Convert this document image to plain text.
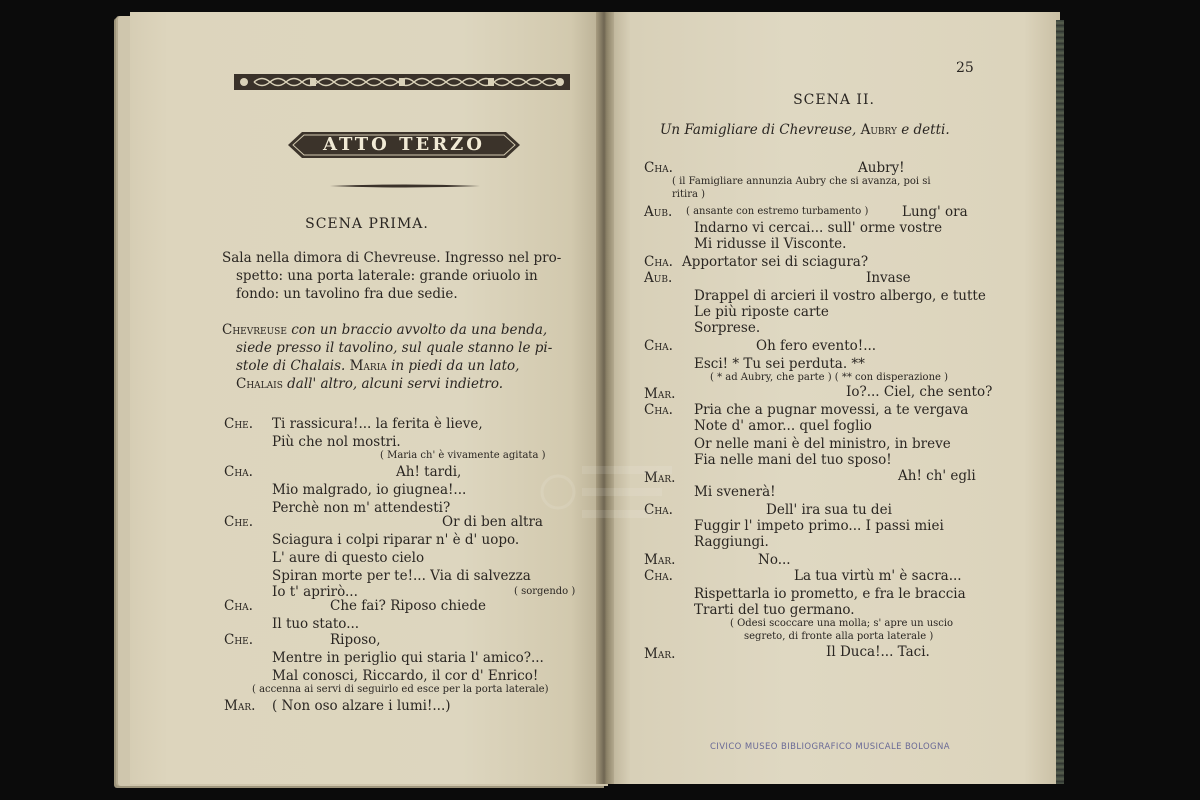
ATTO TERZO
SCENA PRIMA.
Sala nella dimora di Chevreuse. Ingresso nel pro-
spetto: una porta laterale: grande oriuolo in
fondo: un tavolino fra due sedie.
Chevreuse con un braccio avvolto da una benda,
siede presso il tavolino, sul quale stanno le pi-
stole di Chalais. Maria in piedi da un lato,
Chalais dall' altro, alcuni servi indietro.
Che. Ti rassicura!... la ferita è lieve,
Più che nol mostri.
( Maria ch' è vivamente agitata )
Cha.	Ah! tardi,
Mio malgrado, io giugnea!...
Perchè non m' attendesti?
Che.	Or di ben altra
Sciagura i colpi riparar n' è d' uopo.
L' aure di questo cielo
Spiran morte per te!... Via di salvezza
Io t' aprirò...	( sorgendo )
Cha.	Che fai? Riposo chiede
Il tuo stato...
Che.	Riposo,
Mentre in periglio qui staria l' amico?...
Mal conosci, Riccardo, il cor d' Enrico!
( accenna ai servi di seguirlo ed esce per la porta laterale)
Mar. ( Non oso alzare i lumi!...)
25
SCENA II.
Un Famigliare di Chevreuse, Aubry e detti.
Cha.	Aubry!
( il Famigliare annunzia Aubry che si avanza, poi si
ritira )
Aub. ( ansante con estremo turbamento ) Lung' ora
Indarno vi cercai... sull' orme vostre
Mi ridusse il Visconte.
Cha. Apportator sei di sciagura?
Aub.	Invase
Drappel di arcieri il vostro albergo, e tutte
Le più riposte carte
Sorprese.
Cha.	Oh fero evento!...
Esci! * Tu sei perduta. **
( * ad Aubry, che parte ) ( ** con disperazione )
Mar.	Io?... Ciel, che sento?
Cha. Pria che a pugnar movessi, a te vergava
Note d' amor... quel foglio
Or nelle mani è del ministro, in breve
Fia nelle mani del tuo sposo!
Mar.	Ah! ch' egli
Mi svenerà!
Cha.	Dell' ira sua tu dei
Fuggir l' impeto primo... I passi miei
Raggiungi.
Mar.	No...
Cha.	La tua virtù m' è sacra...
Rispettarla io prometto, e fra le braccia
Trarti del tuo germano.
( Odesi scoccare una molla; s' apre un uscio
segreto, di fronte alla porta laterale )
Mar.	Il Duca!... Taci.
CIVICO MUSEO BIBLIOGRAFICO MUSICALE BOLOGNA
